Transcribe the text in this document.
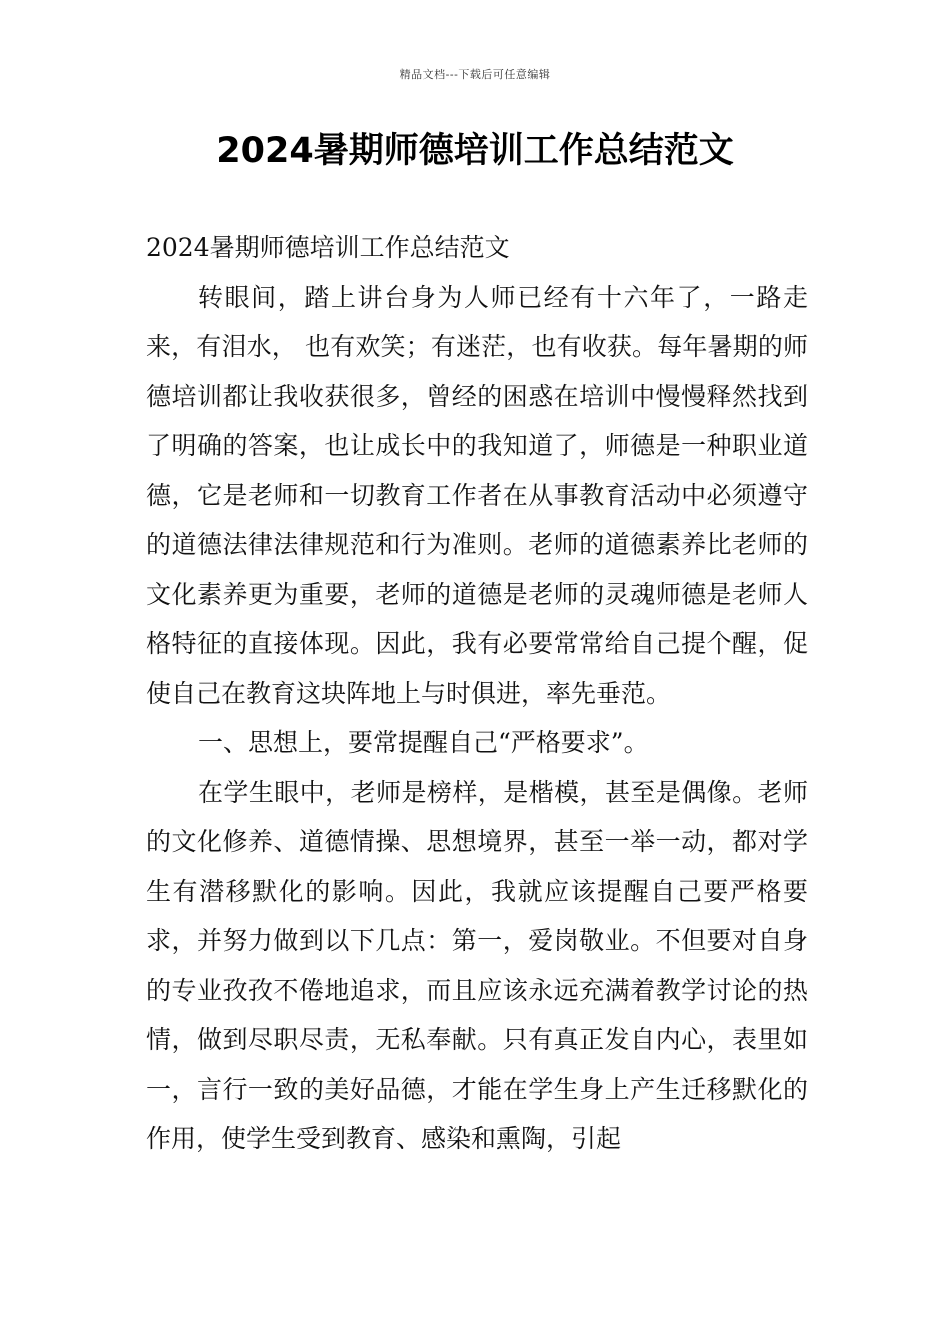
精品文档---下载后可任意编辑
2024暑期师德培训工作总结范文

2024暑期师德培训工作总结范文

转眼间，踏上讲台身为人师已经有十六年了，一路走来，有泪水， 也有欢笑；有迷茫，也有收获。每年暑期的师德培训都让我收获很多，曾经的困惑在培训中慢慢释然找到了明确的答案，也让成长中的我知道了，师德是一种职业道德，它是老师和一切教育工作者在从事教育活动中必须遵守的道德法律法律规范和行为准则。老师的道德素养比老师的文化素养更为重要，老师的道德是老师的灵魂师德是老师人格特征的直接体现。因此，我有必要常常给自己提个醒，促使自己在教育这块阵地上与时俱进，率先垂范。

一、思想上，要常提醒自己“严格要求”。

在学生眼中，老师是榜样，是楷模，甚至是偶像。老师的文化修养、道德情操、思想境界，甚至一举一动，都对学生有潜移默化的影响。因此，我就应该提醒自己要严格要求，并努力做到以下几点：第一，爱岗敬业。不但要对自身的专业孜孜不倦地追求，而且应该永远充满着教学讨论的热情，做到尽职尽责，无私奉献。只有真正发自内心，表里如一，言行一致的美好品德，才能在学生身上产生迁移默化的作用，使学生受到教育、感染和熏陶，引起
